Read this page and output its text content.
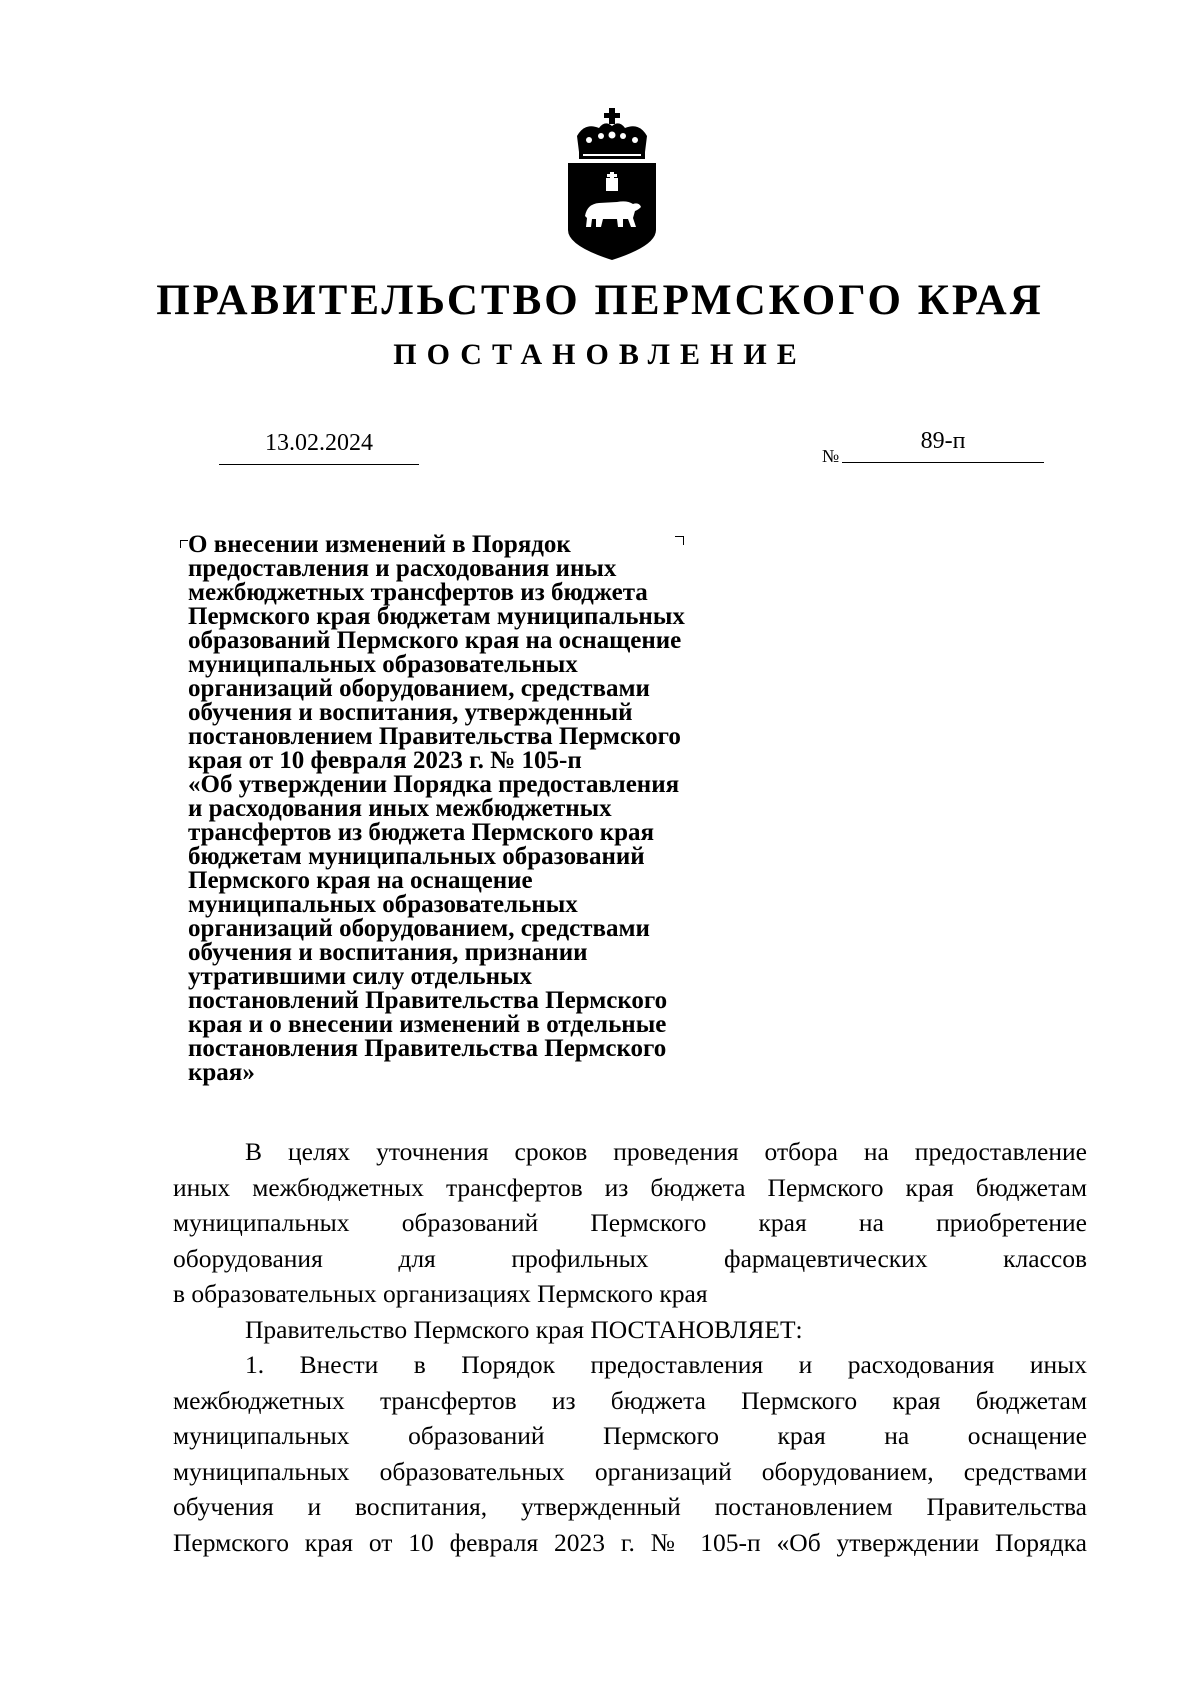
ПРАВИТЕЛЬСТВО ПЕРМСКОГО КРАЯ
ПОСТАНОВЛЕНИЕ
13.02.2024	№
89-п
О внесении изменений в Порядок
предоставления и расходования иных
межбюджетных трансфертов из бюджета
Пермского края бюджетам муниципальных
образований Пермского края на оснащение
муниципальных образовательных
организаций оборудованием, средствами
обучения и воспитания, утвержденный
постановлением Правительства Пермского
края от 10 февраля 2023 г. № 105-п
«Об утверждении Порядка предоставления
и расходования иных межбюджетных
трансфертов из бюджета Пермского края
бюджетам муниципальных образований
Пермского края на оснащение
муниципальных образовательных
организаций оборудованием, средствами
обучения и воспитания, признании
утратившими силу отдельных
постановлений Правительства Пермского
края и о внесении изменений в отдельные
постановления Правительства Пермского
края»
В целях уточнения сроков проведения отбора на предоставление
иных межбюджетных трансфертов из бюджета Пермского края бюджетам
муниципальных образований Пермского края на приобретение
оборудования для профильных фармацевтических классов
в образовательных организациях Пермского края
Правительство Пермского края ПОСТАНОВЛЯЕТ:
1. Внести в Порядок предоставления и расходования иных
межбюджетных трансфертов из бюджета Пермского края бюджетам
муниципальных образований Пермского края на оснащение
муниципальных образовательных организаций оборудованием, средствами
обучения и воспитания, утвержденный постановлением Правительства
Пермского края от 10 февраля 2023 г. № 105-п «Об утверждении Порядка
